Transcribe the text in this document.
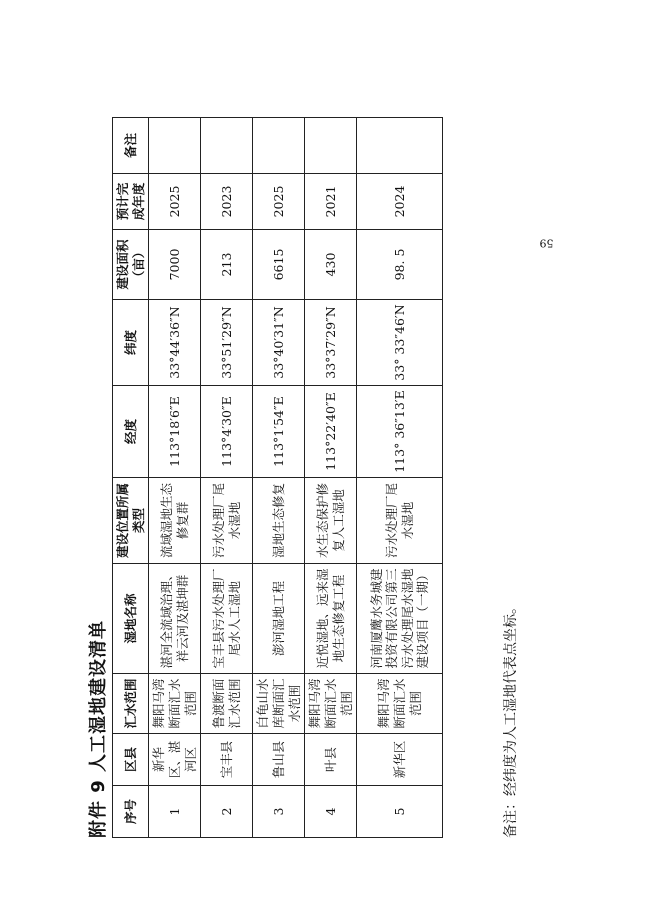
附件 9 人工湿地建设清单 序号	区县	汇水范围	湿地名称	建设位置所属类型	经度	纬度	建设面积（亩）	预计完成年度	备注
1	新华区、湛河区	舞阳马湾断面汇水范围	湛河全流域治理、祥云河及湛坤群	流域湿地生态修复群	113°18′6″E	33°44′36″N	7000	2025	
2	宝丰县	鲁渡断面汇水范围	宝丰县污水处理厂尾水人工湿地	污水处理厂尾水湿地	113°4′30″E	33°51′29″N	213	2023	
3	鲁山县	白龟山水库断面汇水范围	澎河湿地工程	湿地生态修复	113°1′54″E	33°40′31″N	6615	2025	
4	叶县	舞阳马湾断面汇水范围	近悦湿地、远来湿地生态修复工程	水生态保护修复人工湿地	113°22′40″E	33°37′29″N	430	2021	
5	新华区	舞阳马湾断面汇水范围	河南厦鹰水务城建投资有限公司第三污水处理尾水湿地建设项目（一期）	污水处理厂尾水湿地	113° 36″13′E	33° 33″46′N	98. 5	2024	
备注：经纬度为人工湿地代表点坐标。
59
